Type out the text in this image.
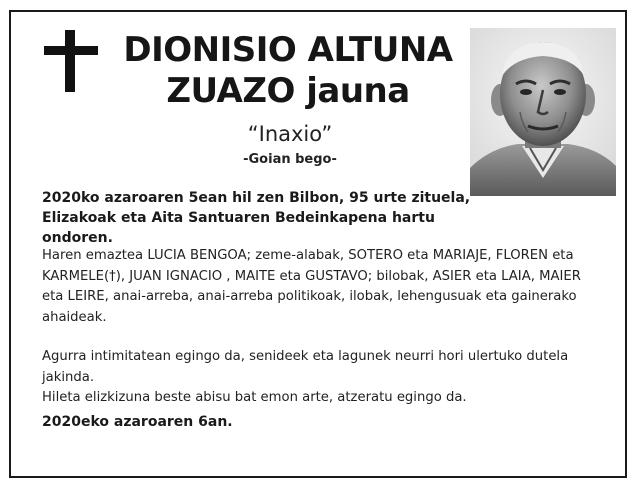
DIONISIO ALTUNA
ZUAZO jauna
“Inaxio”
-Goian bego-
2020ko azaroaren 5ean hil zen Bilbon, 95 urte zituela,
Elizakoak eta Aita Santuaren Bedeinkapena hartu ondoren.

Haren emaztea LUCIA BENGOA; zeme-alabak, SOTERO eta MARIAJE, FLOREN eta KARMELE(†), JUAN IGNACIO , MAITE eta GUSTAVO; bilobak, ASIER eta LAIA, MAIER eta LEIRE, anai-arreba, anai-arreba politikoak, ilobak, lehengusuak eta gainerako ahaideak.

Agurra intimitatean egingo da, senideek eta lagunek neurri hori ulertuko dutela jakinda.

Hileta elizkizuna beste abisu bat emon arte, atzeratu egingo da.

2020eko azaroaren 6an.
